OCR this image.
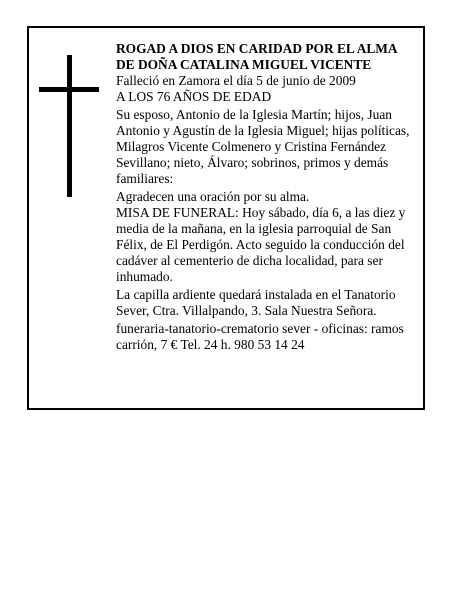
ROGAD A DIOS EN CARIDAD POR EL ALMA DE DOÑA CATALINA MIGUEL VICENTE

Falleció en Zamora el día 5 de junio de 2009

A LOS 76 AÑOS DE EDAD

Su esposo, Antonio de la Iglesia Martín; hijos, Juan Antonio y Agustín de la Iglesia Miguel; hijas políticas, Milagros Vicente Colmenero y Cristina Fernández Sevillano; nieto, Álvaro; sobrinos, primos y demás familiares:

Agradecen una oración por su alma.

MISA DE FUNERAL: Hoy sábado, día 6, a las diez y media de la mañana, en la iglesia parroquial de San Félix, de El Perdigón. Acto seguido la conducción del cadáver al cementerio de dicha localidad, para ser inhumado.

La capilla ardiente quedará instalada en el Tanatorio Sever, Ctra. Villalpando, 3. Sala Nuestra Señora.

funeraria-tanatorio-crematorio sever - oficinas: ramos carrión, 7 € Tel. 24 h. 980 53 14 24
